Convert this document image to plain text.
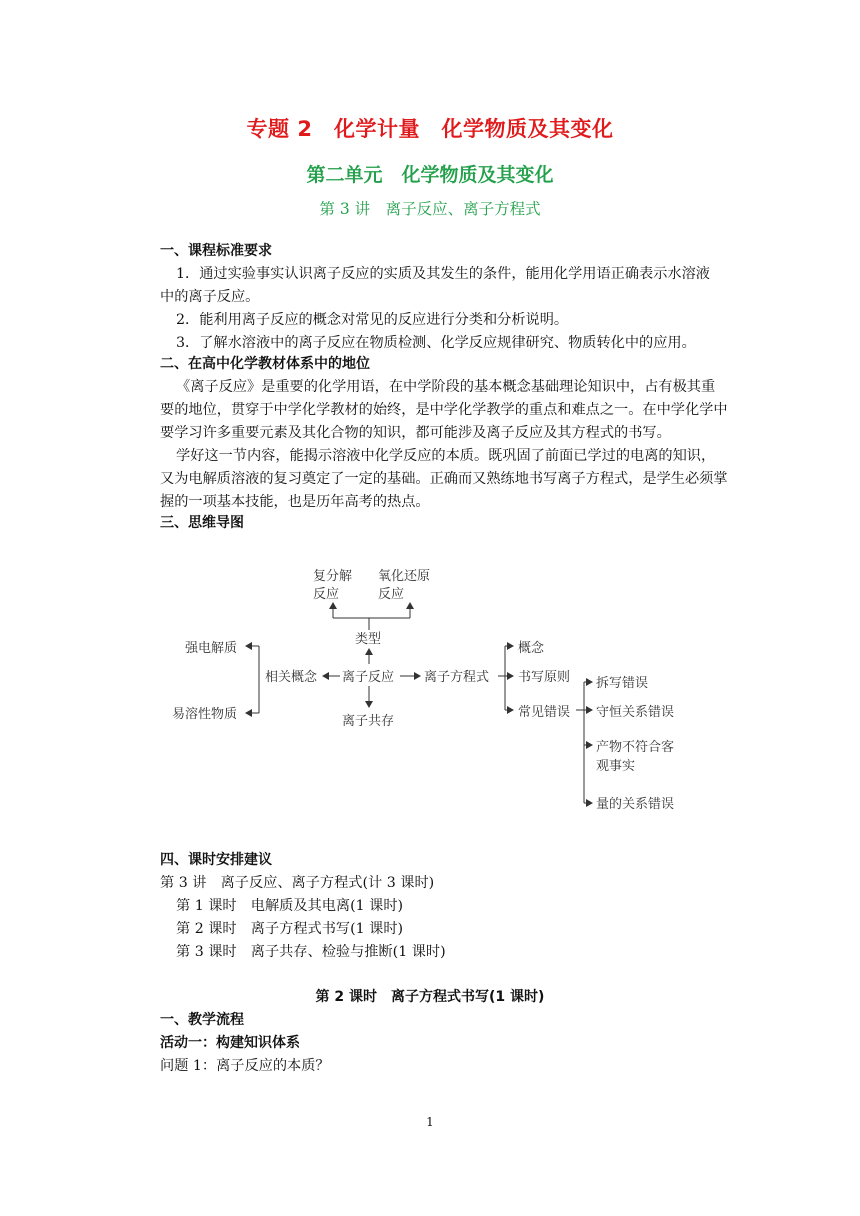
专题 2　化学计量　化学物质及其变化
第二单元　化学物质及其变化
第 3 讲　离子反应、离子方程式
一、课程标准要求
1．通过实验事实认识离子反应的实质及其发生的条件，能用化学用语正确表示水溶液
中的离子反应。
2．能利用离子反应的概念对常见的反应进行分类和分析说明。
3．了解水溶液中的离子反应在物质检测、化学反应规律研究、物质转化中的应用。
二、在高中化学教材体系中的地位
《离子反应》是重要的化学用语，在中学阶段的基本概念基础理论知识中，占有极其重
要的地位，贯穿于中学化学教材的始终，是中学化学教学的重点和难点之一。在中学化学中
要学习许多重要元素及其化合物的知识，都可能涉及离子反应及其方程式的书写。
学好这一节内容，能揭示溶液中化学反应的本质。既巩固了前面已学过的电离的知识，
又为电解质溶液的复习奠定了一定的基础。正确而又熟练地书写离子方程式，是学生必须掌
握的一项基本技能，也是历年高考的热点。
三、思维导图
复分解
反应
氧化还原
反应
类型
离子反应
相关概念
强电解质
易溶性物质	离子共存
离子方程式
概念
书写原则
常见错误
拆写错误
守恒关系错误
产物不符合客
观事实
量的关系错误
四、课时安排建议
第 3 讲　离子反应、离子方程式(计 3 课时)
第 1 课时　电解质及其电离(1 课时)
第 2 课时　离子方程式书写(1 课时)
第 3 课时　离子共存、检验与推断(1 课时)
第 2 课时　离子方程式书写(1 课时)
一、教学流程
活动一：构建知识体系
问题 1：离子反应的本质？
1
